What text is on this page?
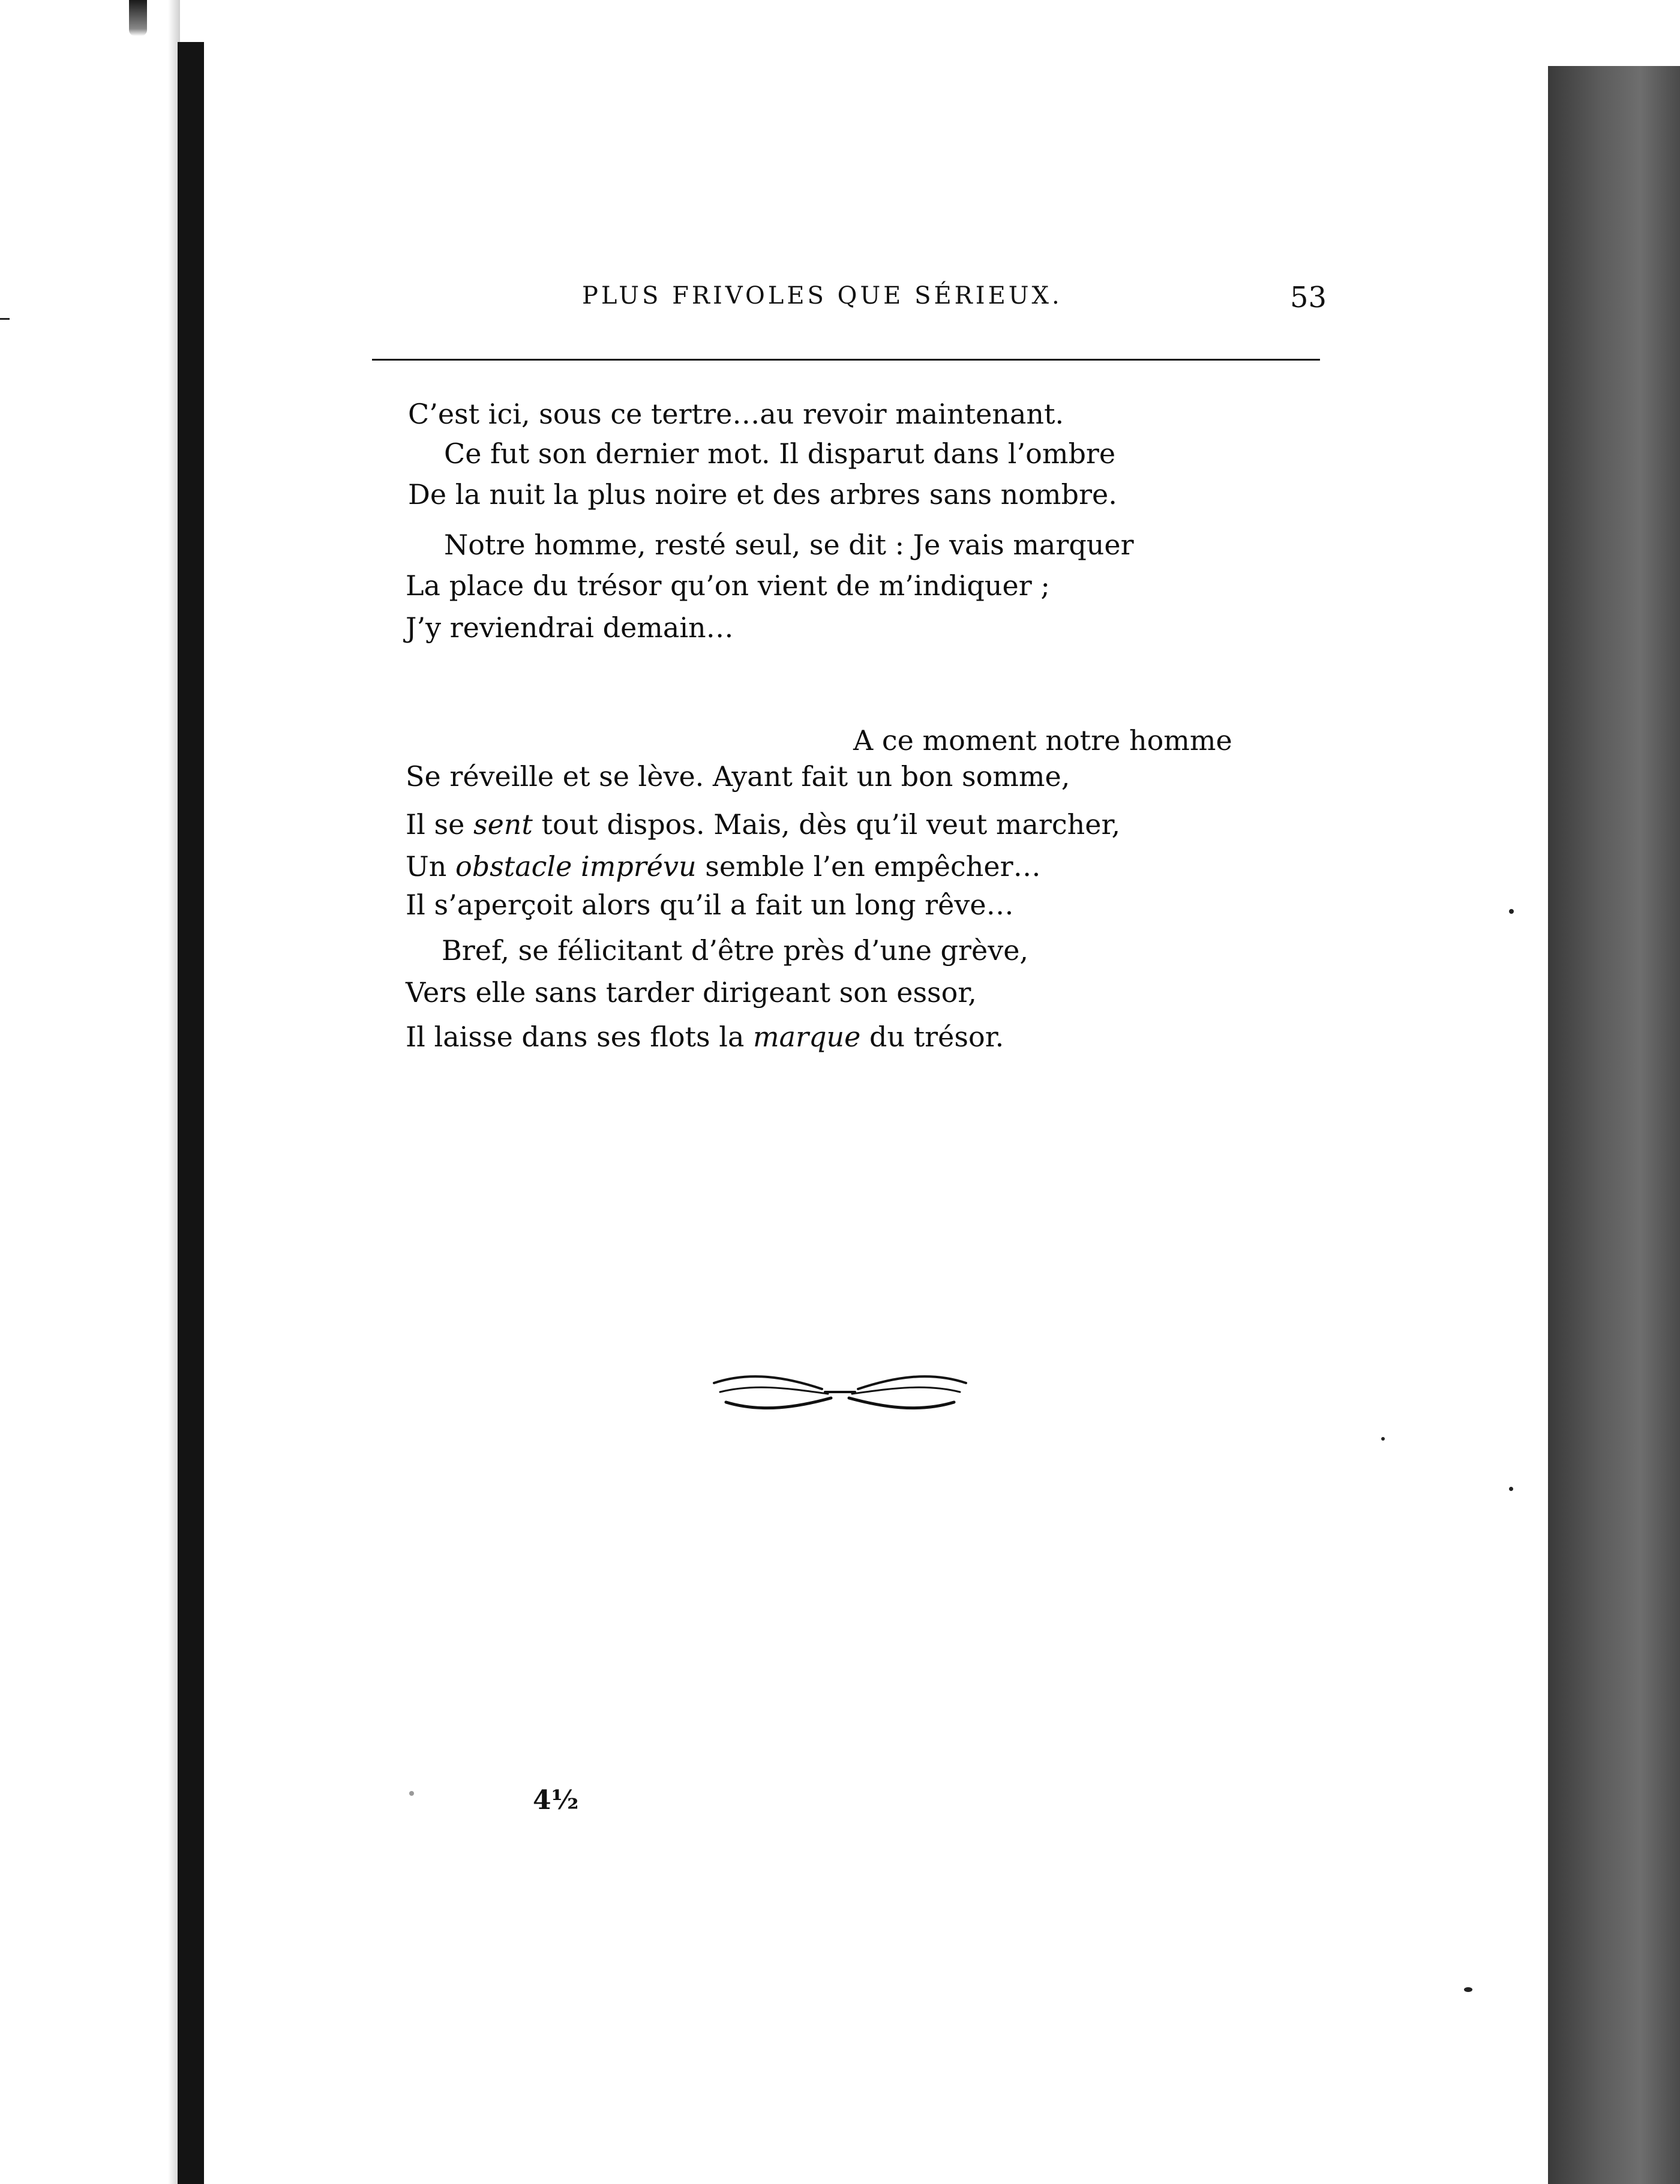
PLUS FRIVOLES QUE SÉRIEUX.	53
C’est ici, sous ce tertre…au revoir maintenant.
Ce fut son dernier mot. Il disparut dans l’ombre
De la nuit la plus noire et des arbres sans nombre.
Notre homme, resté seul, se dit : Je vais marquer
La place du trésor qu’on vient de m’indiquer ;
J’y reviendrai demain…
A ce moment notre homme
Se réveille et se lève. Ayant fait un bon somme,
Il se sent tout dispos. Mais, dès qu’il veut marcher,
Un obstacle imprévu semble l’en empêcher…
Il s’aperçoit alors qu’il a fait un long rêve…
Bref, se félicitant d’être près d’une grève,
Vers elle sans tarder dirigeant son essor,
Il laisse dans ses flots la marque du trésor.
4½
